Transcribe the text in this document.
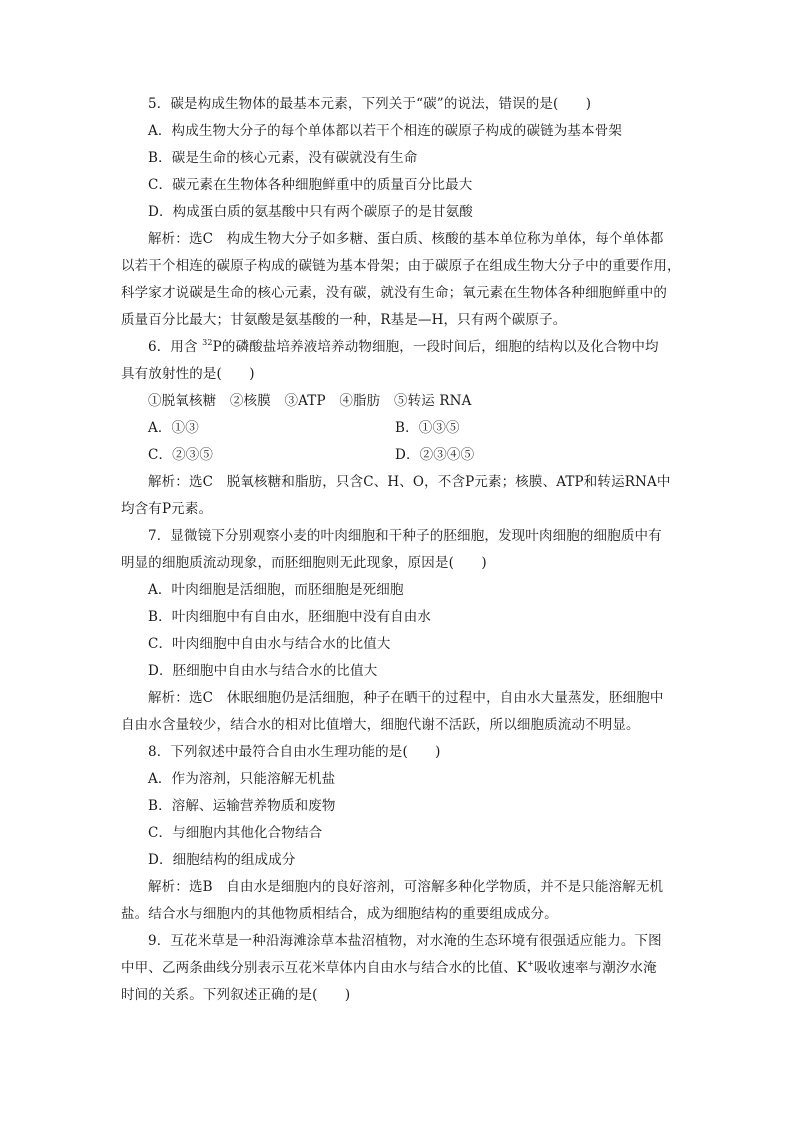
5．碳是构成生物体的最基本元素，下列关于“碳”的说法，错误的是(　　)
A．构成生物大分子的每个单体都以若干个相连的碳原子构成的碳链为基本骨架
B．碳是生命的核心元素，没有碳就没有生命
C．碳元素在生物体各种细胞鲜重中的质量百分比最大
D．构成蛋白质的氨基酸中只有两个碳原子的是甘氨酸
解析：选C　构成生物大分子如多糖、蛋白质、核酸的基本单位称为单体，每个单体都
以若干个相连的碳原子构成的碳链为基本骨架；由于碳原子在组成生物大分子中的重要作用，
科学家才说碳是生命的核心元素，没有碳，就没有生命；氧元素在生物体各种细胞鲜重中的
质量百分比最大；甘氨酸是氨基酸的一种，R基是—H，只有两个碳原子。
6．用含 $^{32}$P的磷酸盐培养液培养动物细胞，一段时间后，细胞的结构以及化合物中均
具有放射性的是(　　)
①脱氧核糖　②核膜　③ATP　④脂肪　⑤转运 RNA
A．①③	B．①③⑤
C．②③⑤	D．②③④⑤
解析：选C　脱氧核糖和脂肪，只含C、H、O，不含P元素；核膜、ATP和转运RNA中
均含有P元素。
7．显微镜下分别观察小麦的叶肉细胞和干种子的胚细胞，发现叶肉细胞的细胞质中有
明显的细胞质流动现象，而胚细胞则无此现象，原因是(　　)
A．叶肉细胞是活细胞，而胚细胞是死细胞
B．叶肉细胞中有自由水，胚细胞中没有自由水
C．叶肉细胞中自由水与结合水的比值大
D．胚细胞中自由水与结合水的比值大
解析：选C　休眠细胞仍是活细胞，种子在晒干的过程中，自由水大量蒸发，胚细胞中
自由水含量较少，结合水的相对比值增大，细胞代谢不活跃，所以细胞质流动不明显。
8．下列叙述中最符合自由水生理功能的是(　　)
A．作为溶剂，只能溶解无机盐
B．溶解、运输营养物质和废物
C．与细胞内其他化合物结合
D．细胞结构的组成成分
解析：选B　自由水是细胞内的良好溶剂，可溶解多种化学物质，并不是只能溶解无机
盐。结合水与细胞内的其他物质相结合，成为细胞结构的重要组成成分。
9．互花米草是一种沿海滩涂草本盐沼植物，对水淹的生态环境有很强适应能力。下图
中甲、乙两条曲线分别表示互花米草体内自由水与结合水的比值、K+吸收速率与潮汐水淹
时间的关系。下列叙述正确的是(　　)
